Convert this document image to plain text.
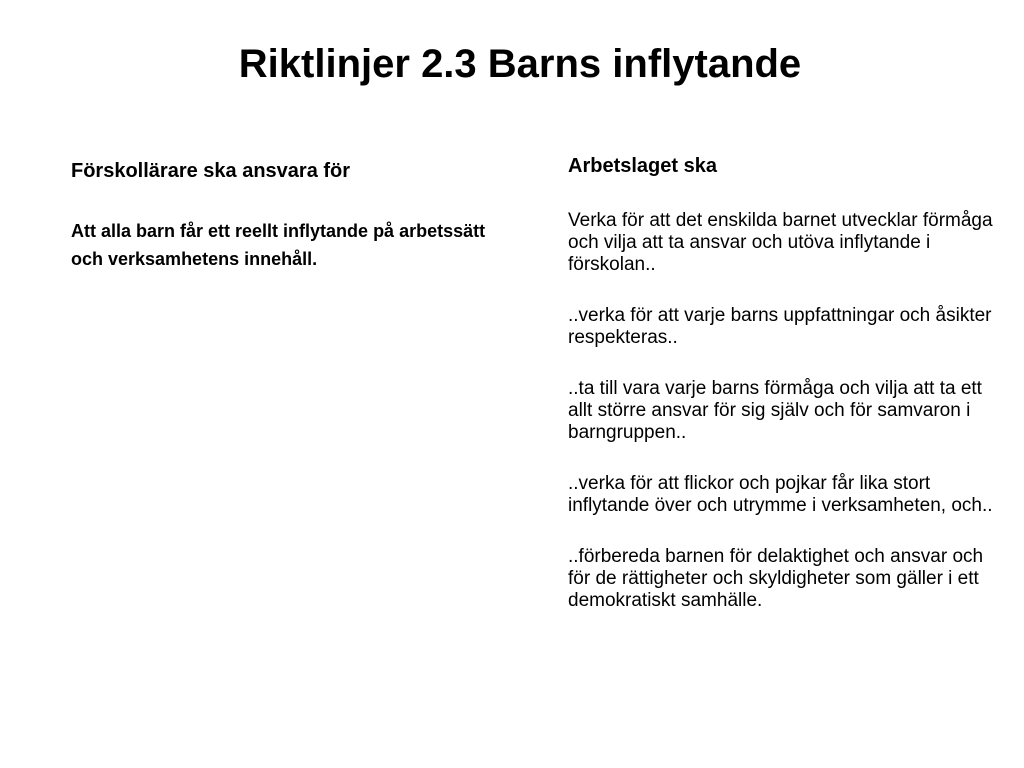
Riktlinjer 2.3 Barns inflytande

Förskollärare ska ansvara för

Att alla barn får ett reellt inflytande på arbetssätt och verksamhetens innehåll.

Arbetslaget ska

Verka för att det enskilda barnet utvecklar förmåga och vilja att ta ansvar och utöva inflytande i förskolan..
..verka för att varje barns uppfattningar och åsikter respekteras..
..ta till vara varje barns förmåga och vilja att ta ett allt större ansvar för sig själv och för samvaron i barngruppen..
..verka för att flickor och pojkar får lika stort inflytande över och utrymme i verksamheten, och..
..förbereda barnen för delaktighet och ansvar och för de rättigheter och skyldigheter som gäller i ett demokratiskt samhälle.
